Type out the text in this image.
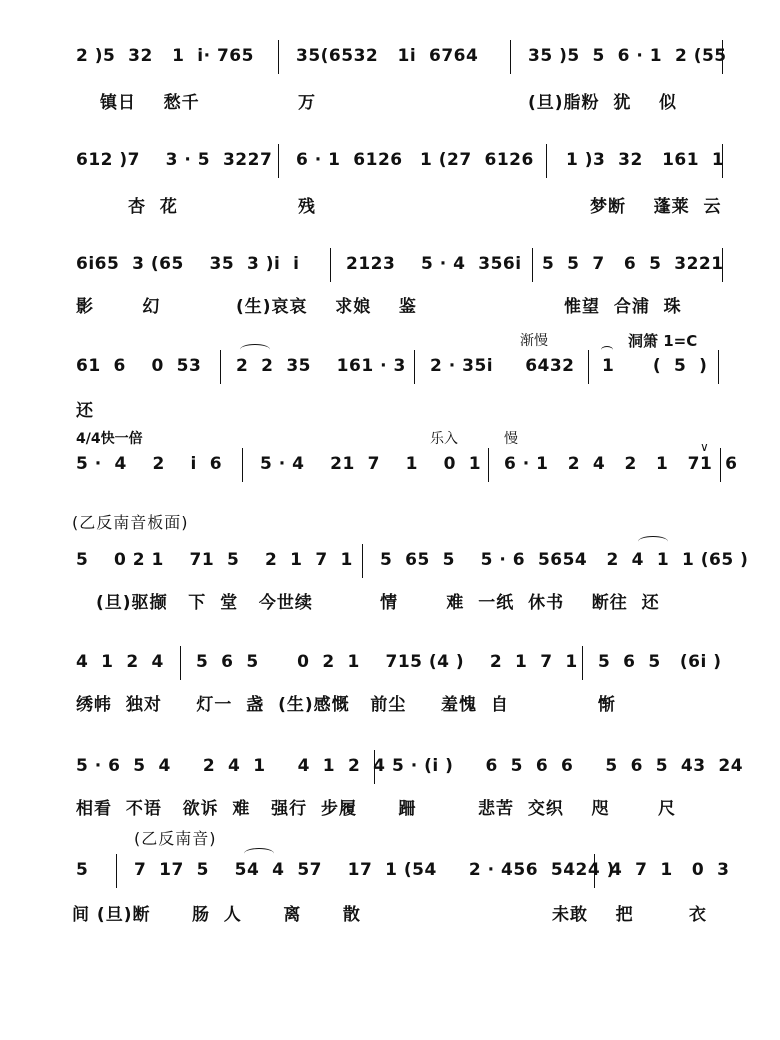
2 )5  32   1  i· 765 35(6532   1i  6764	35 )5  5  6 · 1  2 (55
镇日    愁千	万	(旦)脂粉  犹    似
612 )7    3 · 5  3227 6 · 1  6126 1 (27  6126 1 )3  32   161  1
杏  花	残	梦断    蓬莱  云
6i65  3 (65    35  3 )i  i	2123    5 · 4  356i 5  5  7   6  5  3221
影       幻	(生)哀哀    求娘    鉴	惟望  合浦  珠
渐慢	洞箫 1=C
61  6    0  53 2  2  35    161 · 3 2 · 35i     6432 1      (  5  )
还
4/4快一倍	乐入	慢
5 ·  4    2    i  6 5 · 4    21  7    1    0  1 6 · 1   2  4   2   1   71  6
∨
(乙反南音板面)
5    0 2 1    71  5    2  1  7  1 5  65  5    5 · 6  5654   2  4  1  1 (65 )
(旦)驱撷   下  堂   今世续	情       难  一纸  休书    断往  还
4  1  2  4 5  6  5      0  2  1    715 (4 )    2  1  7  1 5  6  5   (6i )
绣帏  独对     灯一  盏  (生)感慨   前尘     羞愧  自	惭
5 · 6  5  4     2  4  1     4  1  2  4 5 · (i )     6  5  6  6     5  6  5  43  24
相看  不语   欲诉  难   强行  步履      跚	悲苦  交织    咫       尺
(乙反南音)
5	7  17  5    54  4  57    17  1 (54     2 · 456  5424 )
4  7  1   0  3
间 (旦)断      肠  人      离      散	未敢    把        衣
